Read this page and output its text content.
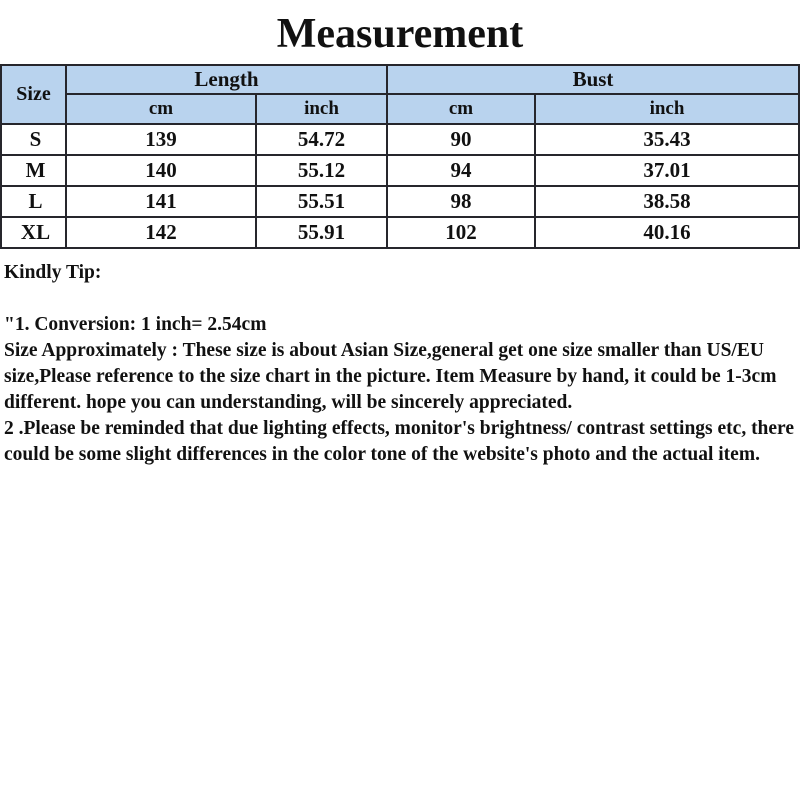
Measurement
Size	Length		Bust	
	cm	inch	cm	inch
S	139	54.72	90	35.43
M	140	55.12	94	37.01
L	141	55.51	98	38.58
XL	142	55.91	102	40.16
Kindly Tip:
"1. Conversion: 1 inch= 2.54cm
Size Approximately : These size is about Asian Size,general get one size smaller than US/EU size,Please reference to the size chart in the picture. Item Measure by hand, it could be 1-3cm different. hope you can understanding, will be sincerely appreciated.
2 .Please be reminded that due lighting effects, monitor's brightness/ contrast settings etc, there could be some slight differences in the color tone of the website's photo and the actual item.
